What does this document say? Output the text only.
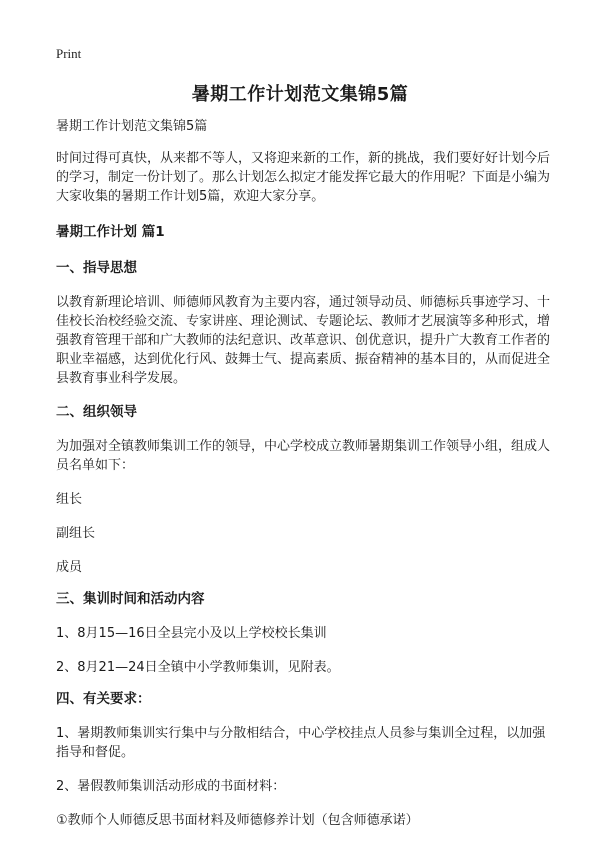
Print
暑期工作计划范文集锦5篇

暑期工作计划范文集锦5篇

时间过得可真快，从来都不等人，又将迎来新的工作，新的挑战，我们要好好计划今后的学习，制定一份计划了。那么计划怎么拟定才能发挥它最大的作用呢？下面是小编为大家收集的暑期工作计划5篇，欢迎大家分享。

暑期工作计划 篇1

一、指导思想

以教育新理论培训、师德师风教育为主要内容，通过领导动员、师德标兵事迹学习、十佳校长治校经验交流、专家讲座、理论测试、专题论坛、教师才艺展演等多种形式，增强教育管理干部和广大教师的法纪意识、改革意识、创优意识，提升广大教育工作者的职业幸福感，达到优化行风、鼓舞士气、提高素质、振奋精神的基本目的，从而促进全县教育事业科学发展。

二、组织领导

为加强对全镇教师集训工作的领导，中心学校成立教师暑期集训工作领导小组，组成人员名单如下：

组长

副组长

成员

三、集训时间和活动内容

1、8月15—16日全县完小及以上学校校长集训

2、8月21—24日全镇中小学教师集训，见附表。

四、有关要求：

1、暑期教师集训实行集中与分散相结合，中心学校挂点人员参与集训全过程，以加强指导和督促。

2、暑假教师集训活动形成的书面材料：

①教师个人师德反思书面材料及师德修养计划（包含师德承诺）
